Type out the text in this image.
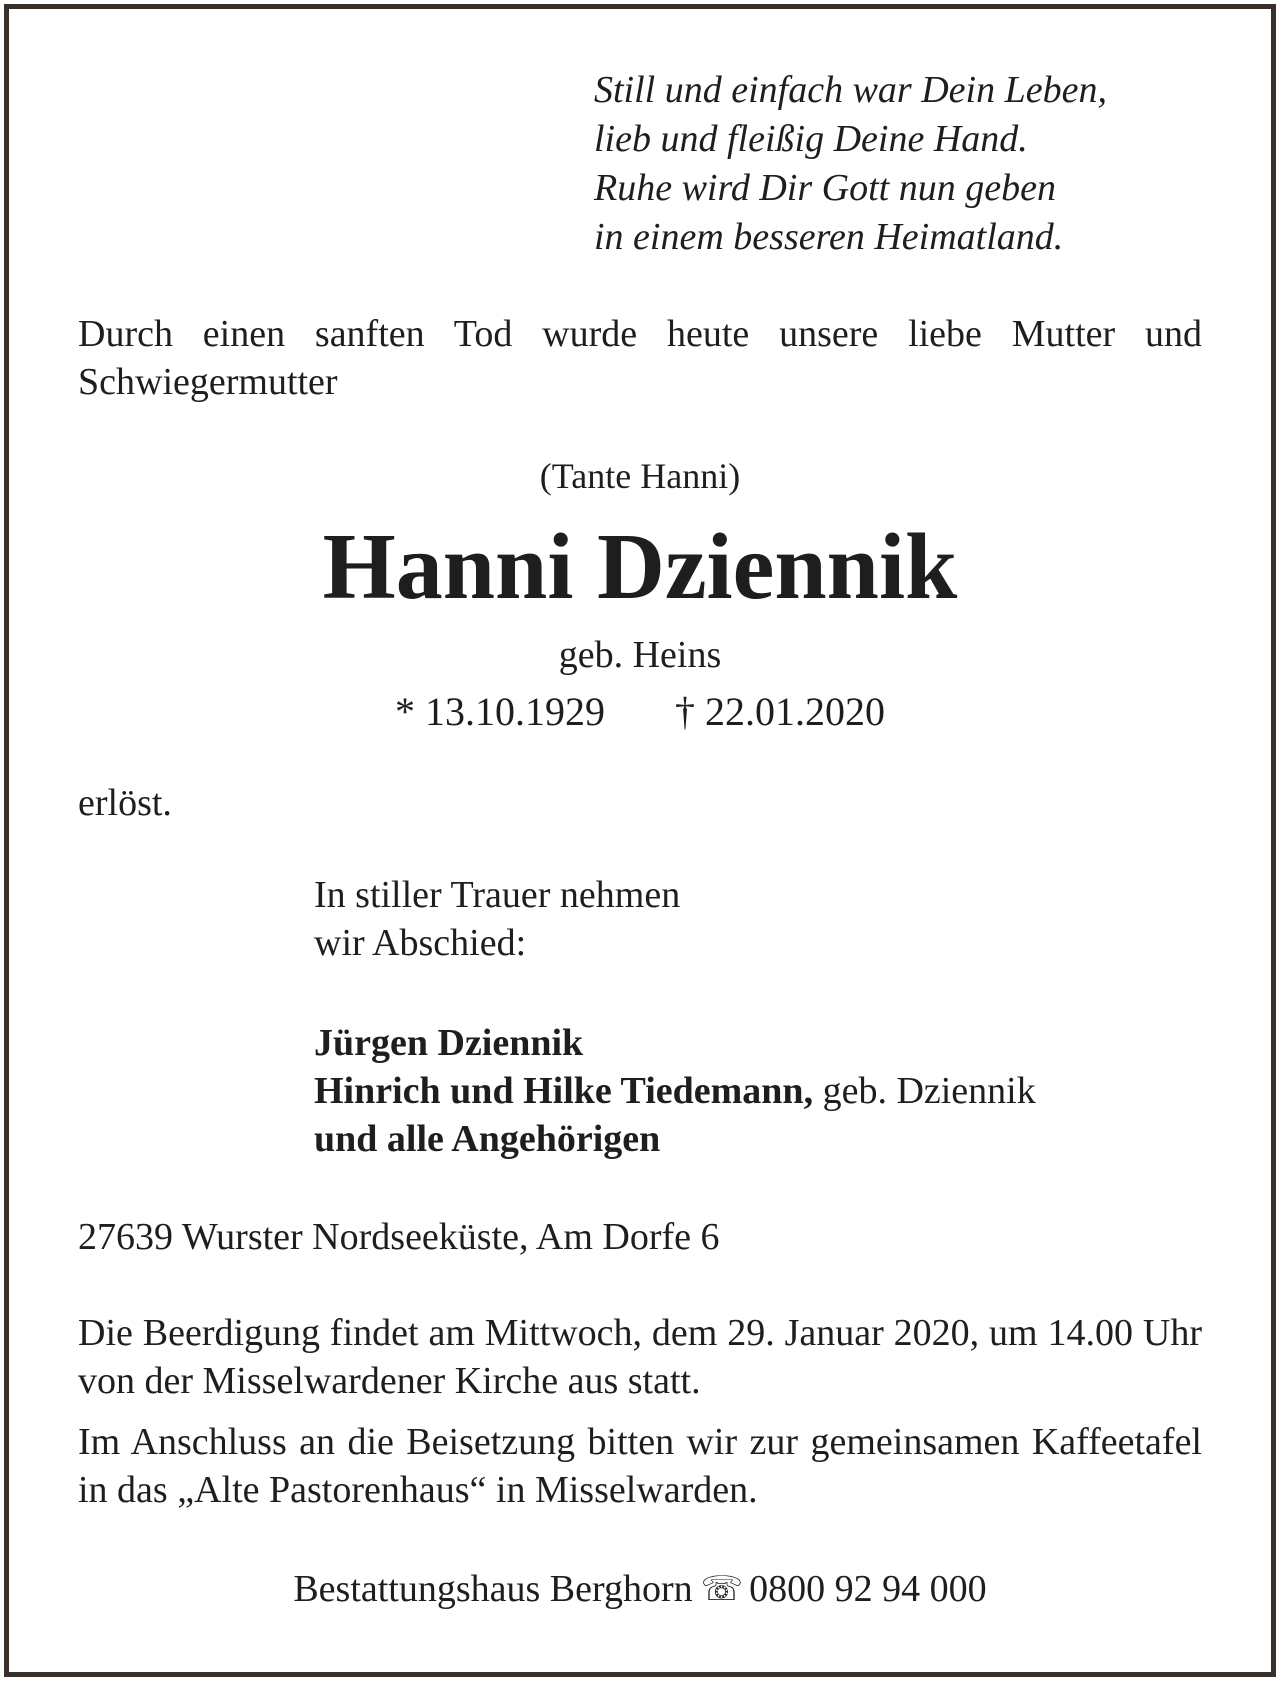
Still und einfach war Dein Leben,
lieb und fleißig Deine Hand.
Ruhe wird Dir Gott nun geben
in einem besseren Heimatland.

Durch einen sanften Tod wurde heute unsere liebe Mutter und Schwiegermutter

(Tante Hanni)
Hanni Dziennik
geb. Heins
* 13.10.1929 † 22.01.2020
erlöst.
In stiller Trauer nehmen
wir Abschied:
Jürgen Dziennik
Hinrich und Hilke Tiedemann, geb. Dziennik
und alle Angehörigen
27639 Wurster Nordseeküste, Am Dorfe 6

Die Beerdigung findet am Mittwoch, dem 29. Januar 2020, um 14.00 Uhr von der Misselwardener Kirche aus statt.

Im Anschluss an die Beisetzung bitten wir zur gemeinsamen Kaffeetafel in das „Alte Pastorenhaus“ in Misselwarden.

Bestattungshaus Berghorn ☏ 0800 92 94 000
